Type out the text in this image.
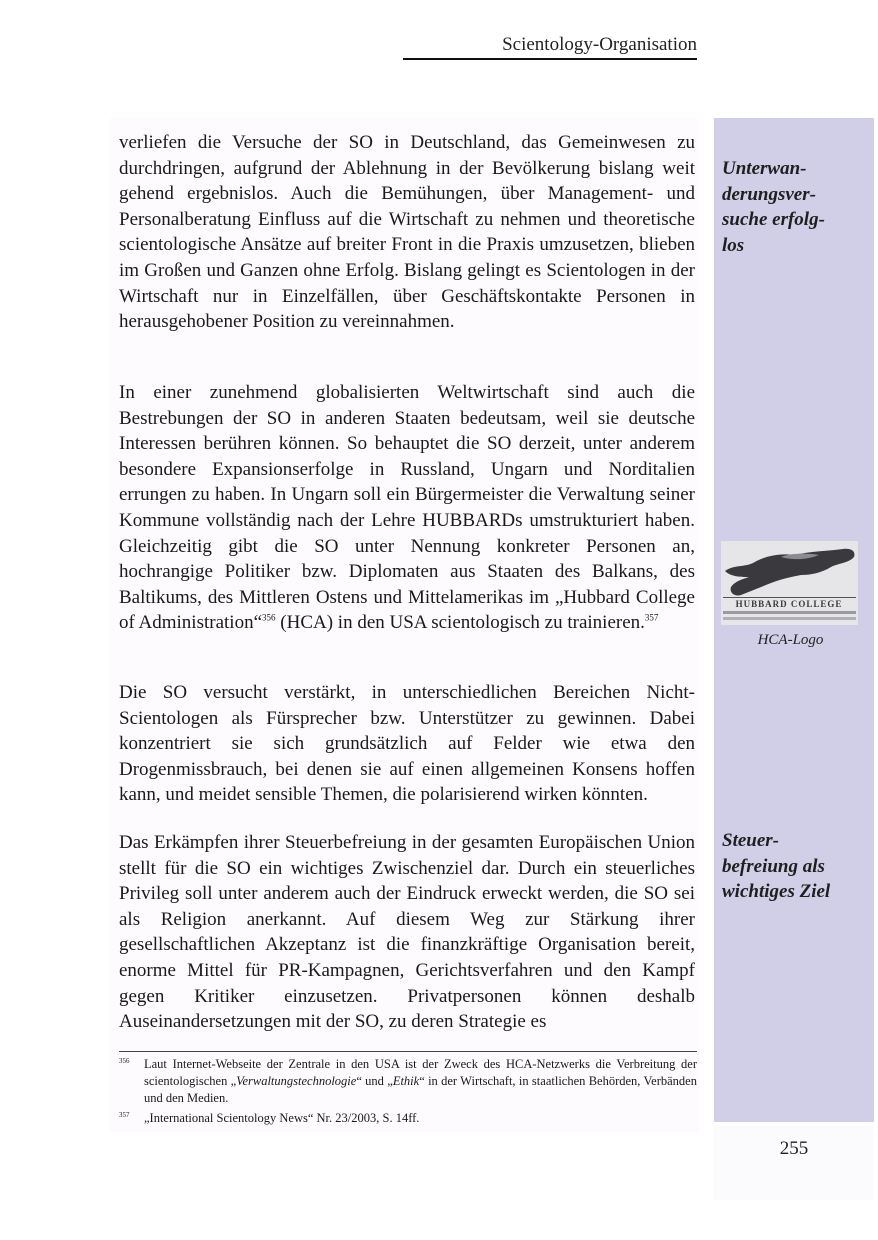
Scientology-Organisation

verliefen die Versuche der SO in Deutschland, das Gemeinwesen zu durchdringen, aufgrund der Ablehnung in der Bevölkerung bislang weit gehend ergebnislos. Auch die Bemühungen, über Management- und Personalberatung Einfluss auf die Wirtschaft zu nehmen und theoretische scientologische Ansätze auf breiter Front in die Praxis umzusetzen, blieben im Großen und Ganzen ohne Erfolg. Bislang gelingt es Scientologen in der Wirtschaft nur in Einzelfällen, über Geschäftskontakte Personen in herausgehobener Position zu vereinnahmen.

In einer zunehmend globalisierten Weltwirtschaft sind auch die Bestrebungen der SO in anderen Staaten bedeutsam, weil sie deutsche Interessen berühren können. So behauptet die SO derzeit, unter anderem besondere Expansionserfolge in Russland, Ungarn und Norditalien errungen zu haben. In Ungarn soll ein Bürgermeister die Verwaltung seiner Kommune vollständig nach der Lehre HUBBARDs umstrukturiert haben. Gleichzeitig gibt die SO unter Nennung konkreter Personen an, hochrangige Politiker bzw. Diplomaten aus Staaten des Balkans, des Baltikums, des Mittleren Ostens und Mittelamerikas im „Hubbard College of Administration“$^{356}$ (HCA) in den USA scientologisch zu trainieren.$^{357}$

Die SO versucht verstärkt, in unterschiedlichen Bereichen Nicht-Scientologen als Fürsprecher bzw. Unterstützer zu gewinnen. Dabei konzentriert sie sich grundsätzlich auf Felder wie etwa den Drogenmissbrauch, bei denen sie auf einen allgemeinen Konsens hoffen kann, und meidet sensible Themen, die polarisierend wirken könnten.

Das Erkämpfen ihrer Steuerbefreiung in der gesamten Europäischen Union stellt für die SO ein wichtiges Zwischenziel dar. Durch ein steuerliches Privileg soll unter anderem auch der Eindruck erweckt werden, die SO sei als Religion anerkannt. Auf diesem Weg zur Stärkung ihrer gesellschaftlichen Akzeptanz ist die finanzkräftige Organisation bereit, enorme Mittel für PR-Kampagnen, Gerichtsverfahren und den Kampf gegen Kritiker einzusetzen. Privatpersonen können deshalb Auseinandersetzungen mit der SO, zu deren Strategie es

Unterwan-
derungsver-
suche erfolg-
los
HUBBARD COLLEGE
HCA-Logo
Steuer-
befreiung als
wichtiges Ziel
356 Laut Internet-Webseite der Zentrale in den USA ist der Zweck des HCA-Netzwerks die Verbreitung der scientologischen „Verwaltungstechnologie“ und „Ethik“ in der Wirtschaft, in staatlichen Behörden, Verbänden und den Medien.
357 „International Scientology News“ Nr. 23/2003, S. 14ff.
255
